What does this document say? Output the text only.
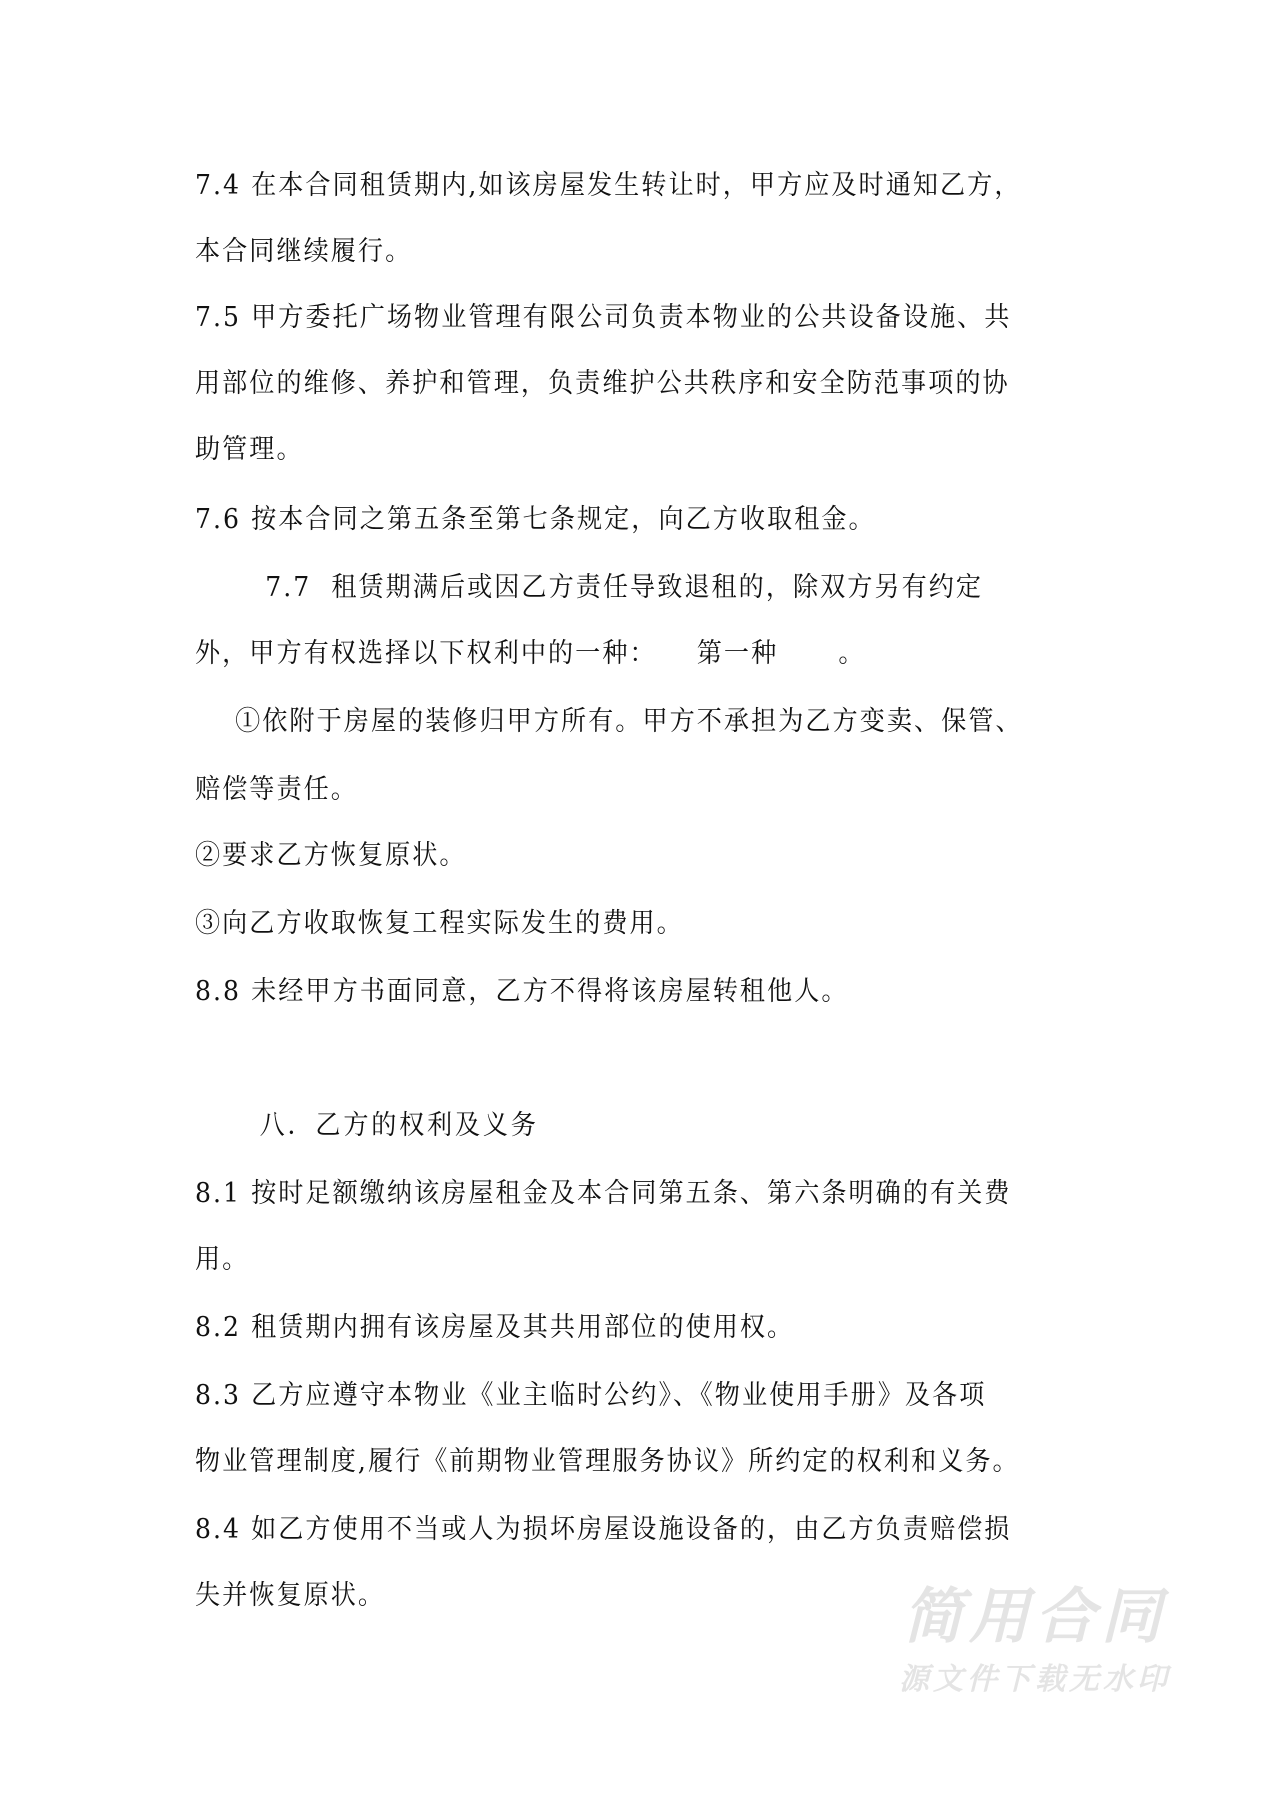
7.4 在本合同租赁期内,如该房屋发生转让时，甲方应及时通知乙方，
本合同继续履行。
7.5 甲方委托广场物业管理有限公司负责本物业的公共设备设施、共
用部位的维修、养护和管理，负责维护公共秩序和安全防范事项的协
助管理。
7.6 按本合同之第五条至第七条规定，向乙方收取租金。
7.7  租赁期满后或因乙方责任导致退租的，除双方另有约定
外，甲方有权选择以下权利中的一种：    第一种      。
①依附于房屋的装修归甲方所有。甲方不承担为乙方变卖、保管、
赔偿等责任。
②要求乙方恢复原状。
③向乙方收取恢复工程实际发生的费用。
8.8 未经甲方书面同意，乙方不得将该房屋转租他人。
八．乙方的权利及义务
8.1 按时足额缴纳该房屋租金及本合同第五条、第六条明确的有关费
用。
8.2 租赁期内拥有该房屋及其共用部位的使用权。
8.3 乙方应遵守本物业《业主临时公约》、《物业使用手册》及各项
物业管理制度,履行《前期物业管理服务协议》所约定的权利和义务。
8.4 如乙方使用不当或人为损坏房屋设施设备的，由乙方负责赔偿损
失并恢复原状。	简用合同
源文件下载无水印
